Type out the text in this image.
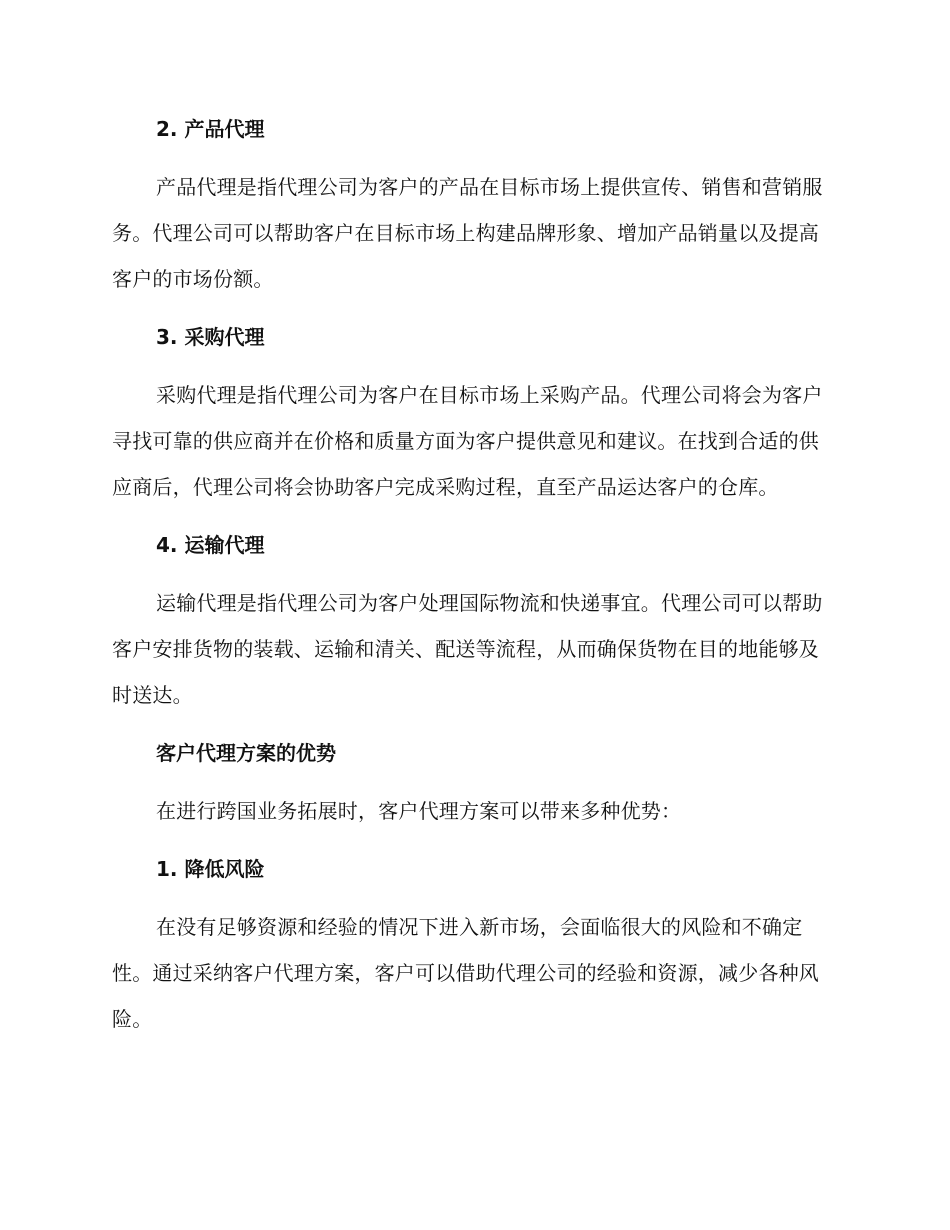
2. 产品代理

产品代理是指代理公司为客户的产品在目标市场上提供宣传、销售和营销服务。代理公司可以帮助客户在目标市场上构建品牌形象、增加产品销量以及提高客户的市场份额。

3. 采购代理

采购代理是指代理公司为客户在目标市场上采购产品。代理公司将会为客户寻找可靠的供应商并在价格和质量方面为客户提供意见和建议。在找到合适的供应商后，代理公司将会协助客户完成采购过程，直至产品运达客户的仓库。

4. 运输代理

运输代理是指代理公司为客户处理国际物流和快递事宜。代理公司可以帮助客户安排货物的装载、运输和清关、配送等流程，从而确保货物在目的地能够及时送达。

客户代理方案的优势

在进行跨国业务拓展时，客户代理方案可以带来多种优势：

1. 降低风险

在没有足够资源和经验的情况下进入新市场，会面临很大的风险和不确定性。通过采纳客户代理方案，客户可以借助代理公司的经验和资源，减少各种风险。
